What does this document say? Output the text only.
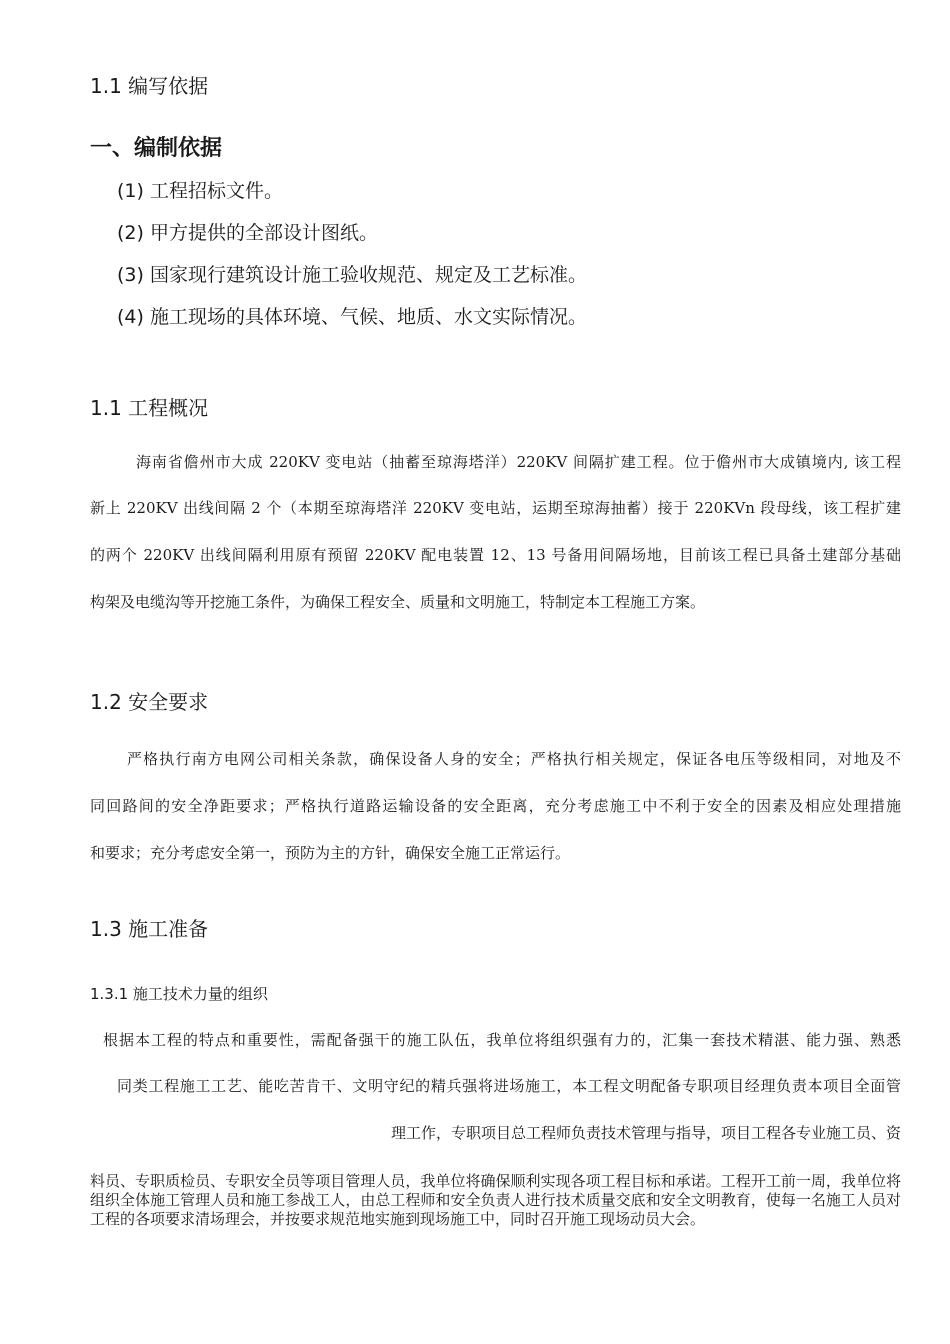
1.1 编写依据
一、编制依据
(1) 工程招标文件。
(2) 甲方提供的全部设计图纸。
(3) 国家现行建筑设计施工验收规范、规定及工艺标准。
(4) 施工现场的具体环境、气候、地质、水文实际情况。
1.1 工程概况
海南省儋州市大成 220KV 变电站（抽蓄至琼海塔洋）220KV 间隔扩建工程。位于儋州市大成镇境内, 该工程
新上 220KV 出线间隔 2 个（本期至琼海塔洋 220KV 变电站，运期至琼海抽蓄）接于 220KVn 段母线，该工程扩建
的两个 220KV 出线间隔利用原有预留 220KV 配电装置 12、13 号备用间隔场地，目前该工程已具备土建部分基础
构架及电缆沟等开挖施工条件，为确保工程安全、质量和文明施工，特制定本工程施工方案。
1.2 安全要求
严格执行南方电网公司相关条款，确保设备人身的安全；严格执行相关规定，保证各电压等级相同，对地及不
同回路间的安全净距要求；严格执行道路运输设备的安全距离，充分考虑施工中不利于安全的因素及相应处理措施
和要求；充分考虑安全第一，预防为主的方针，确保安全施工正常运行。
1.3 施工准备
1.3.1 施工技术力量的组织
根据本工程的特点和重要性，需配备强干的施工队伍，我单位将组织强有力的，汇集一套技术精湛、能力强、熟悉
同类工程施工工艺、能吃苦肯干、文明守纪的精兵强将进场施工，本工程文明配备专职项目经理负责本项目全面管
理工作，专职项目总工程师负责技术管理与指导，项目工程各专业施工员、资
料员、专职质检员、专职安全员等项目管理人员，我单位将确保顺利实现各项工程目标和承诺。工程开工前一周，我单位将组织全体施工管理人员和施工参战工人，由总工程师和安全负责人进行技术质量交底和安全文明教育，使每一名施工人员对工程的各项要求清场理会，并按要求规范地实施到现场施工中，同时召开施工现场动员大会。
